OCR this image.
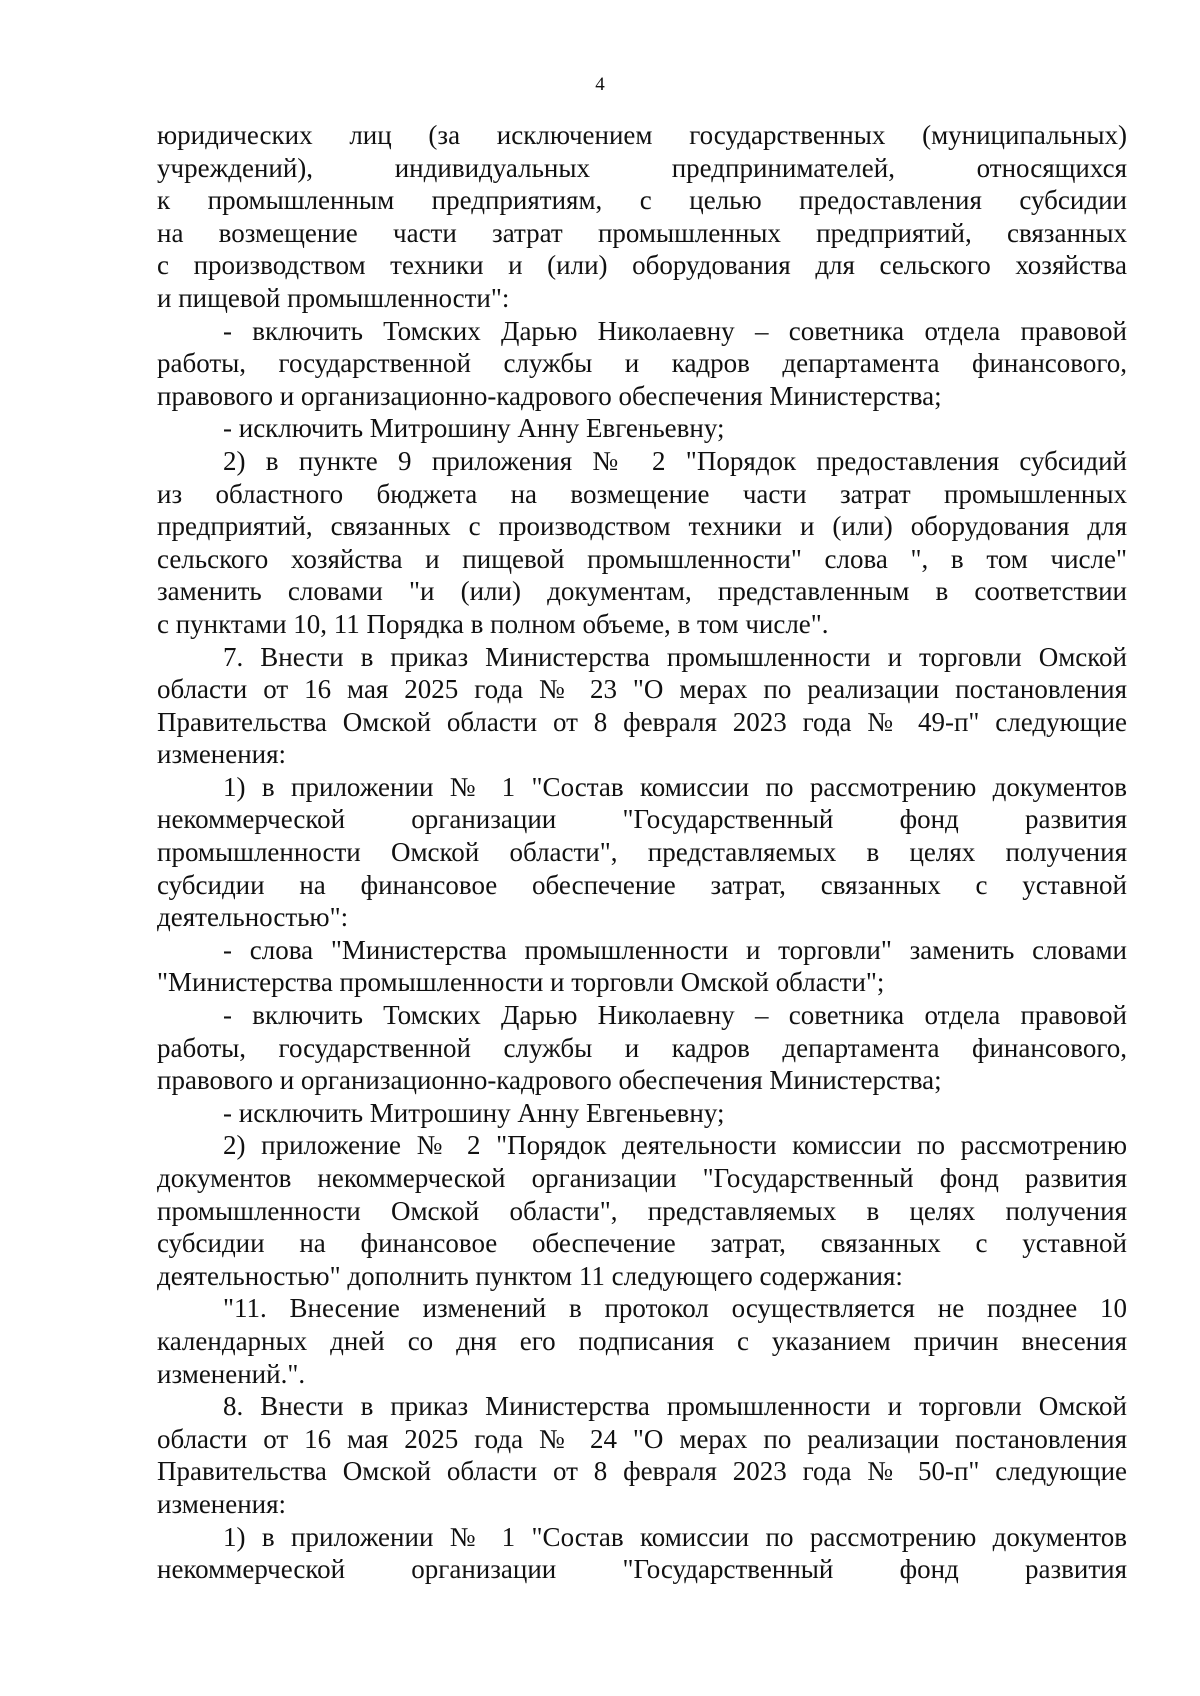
4
юридических лиц (за исключением государственных (муниципальных)
учреждений), индивидуальных предпринимателей, относящихся
к промышленным предприятиям, с целью предоставления субсидии
на возмещение части затрат промышленных предприятий, связанных
с производством техники и (или) оборудования для сельского хозяйства
и пищевой промышленности":
- включить Томских Дарью Николаевну – советника отдела правовой
работы, государственной службы и кадров департамента финансового,
правового и организационно-кадрового обеспечения Министерства;
- исключить Митрошину Анну Евгеньевну;
2) в пункте 9 приложения № 2 "Порядок предоставления субсидий
из областного бюджета на возмещение части затрат промышленных
предприятий, связанных с производством техники и (или) оборудования для
сельского хозяйства и пищевой промышленности" слова ", в том числе"
заменить словами "и (или) документам, представленным в соответствии
с пунктами 10, 11 Порядка в полном объеме, в том числе".
7. Внести в приказ Министерства промышленности и торговли Омской
области от 16 мая 2025 года № 23 "О мерах по реализации постановления
Правительства Омской области от 8 февраля 2023 года № 49-п" следующие
изменения:
1) в приложении № 1 "Состав комиссии по рассмотрению документов
некоммерческой организации "Государственный фонд развития
промышленности Омской области", представляемых в целях получения
субсидии на финансовое обеспечение затрат, связанных с уставной
деятельностью":
- слова "Министерства промышленности и торговли" заменить словами
"Министерства промышленности и торговли Омской области";
- включить Томских Дарью Николаевну – советника отдела правовой
работы, государственной службы и кадров департамента финансового,
правового и организационно-кадрового обеспечения Министерства;
- исключить Митрошину Анну Евгеньевну;
2) приложение № 2 "Порядок деятельности комиссии по рассмотрению
документов некоммерческой организации "Государственный фонд развития
промышленности Омской области", представляемых в целях получения
субсидии на финансовое обеспечение затрат, связанных с уставной
деятельностью" дополнить пунктом 11 следующего содержания:
"11. Внесение изменений в протокол осуществляется не позднее 10
календарных дней со дня его подписания с указанием причин внесения
изменений.".
8. Внести в приказ Министерства промышленности и торговли Омской
области от 16 мая 2025 года № 24 "О мерах по реализации постановления
Правительства Омской области от 8 февраля 2023 года № 50-п" следующие
изменения:
1) в приложении № 1 "Состав комиссии по рассмотрению документов
некоммерческой организации "Государственный фонд развития
